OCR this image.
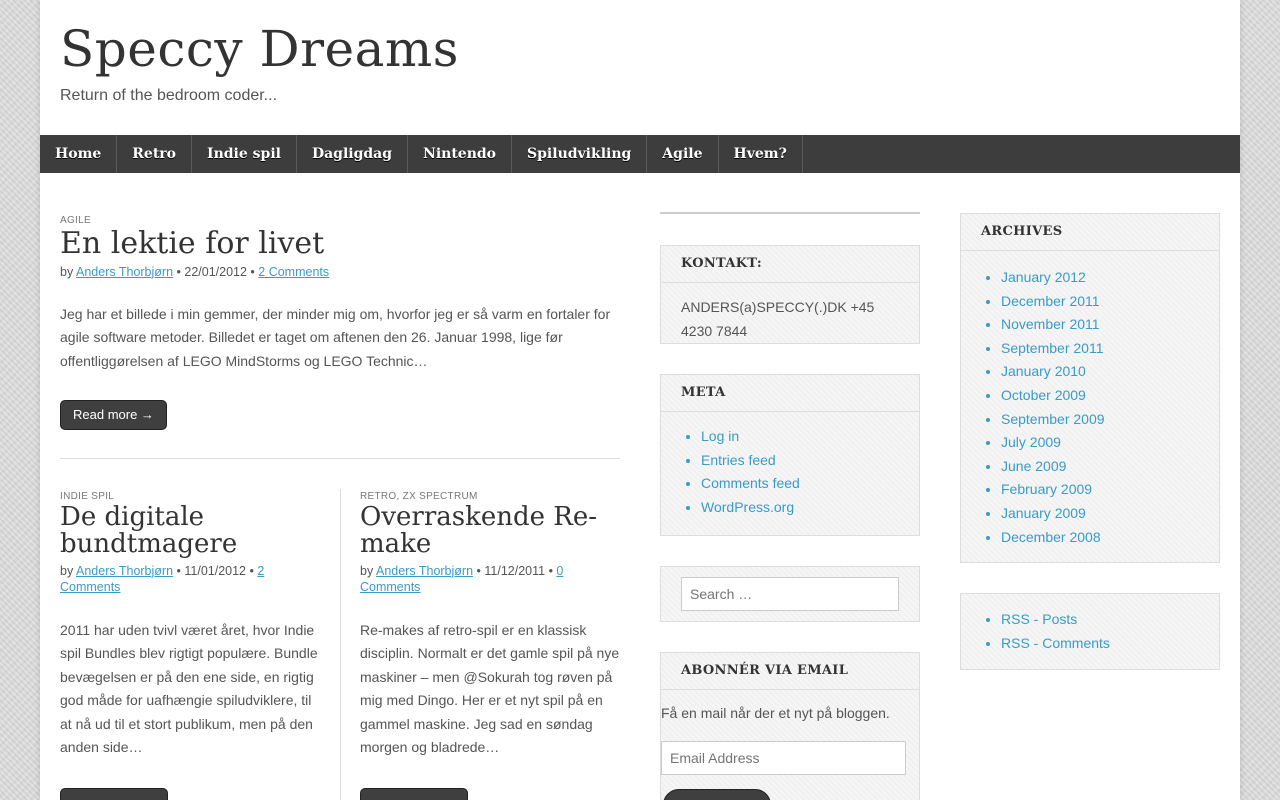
Speccy Dreams

Return of the bedroom coder...

Home	Retro	Indie spil	Dagligdag	Nintendo	Spiludvikling	Agile	Hvem?
AGILE
En lektie for livet
by Anders Thorbjørn • 22/01/2012 • 2 Comments

Jeg har et billede i min gemmer, der minder mig om, hvorfor jeg er så varm en fortaler for agile software metoder. Billedet er taget om aftenen den 26. Januar 1998, lige før offentliggørelsen af LEGO MindStorms og LEGO Technic…

Read more →
INDIE SPIL
De digitale bundtmagere
by Anders Thorbjørn • 11/01/2012 • 2 Comments

2011 har uden tvivl været året, hvor Indie spil Bundles blev rigtigt populære. Bundle bevægelsen er på den ene side, en rigtig god måde for uafhængie spiludviklere, til at nå ud til et stort publikum, men på den anden side…

RETRO, ZX SPECTRUM
Overraskende Re-make
by Anders Thorbjørn • 11/12/2011 • 0 Comments

Re-makes af retro-spil er en klassisk disciplin. Normalt er det gamle spil på nye maskiner – men @Sokurah tog røven på mig med Dingo. Her er et nyt spil på en gammel maskine. Jeg sad en søndag morgen og bladrede…

KONTAKT:
ANDERS(a)SPECCY(.)DK +45 4230 7844
META
• Log in
• Entries feed
• Comments feed
• WordPress.org
Search …
ABONNÉR VIA EMAIL
Få en mail når der et nyt på bloggen.
Email Address
ARCHIVES
• January 2012
• December 2011
• November 2011
• September 2011
• January 2010
• October 2009
• September 2009
• July 2009
• June 2009
• February 2009
• January 2009
• December 2008
• RSS - Posts
• RSS - Comments
